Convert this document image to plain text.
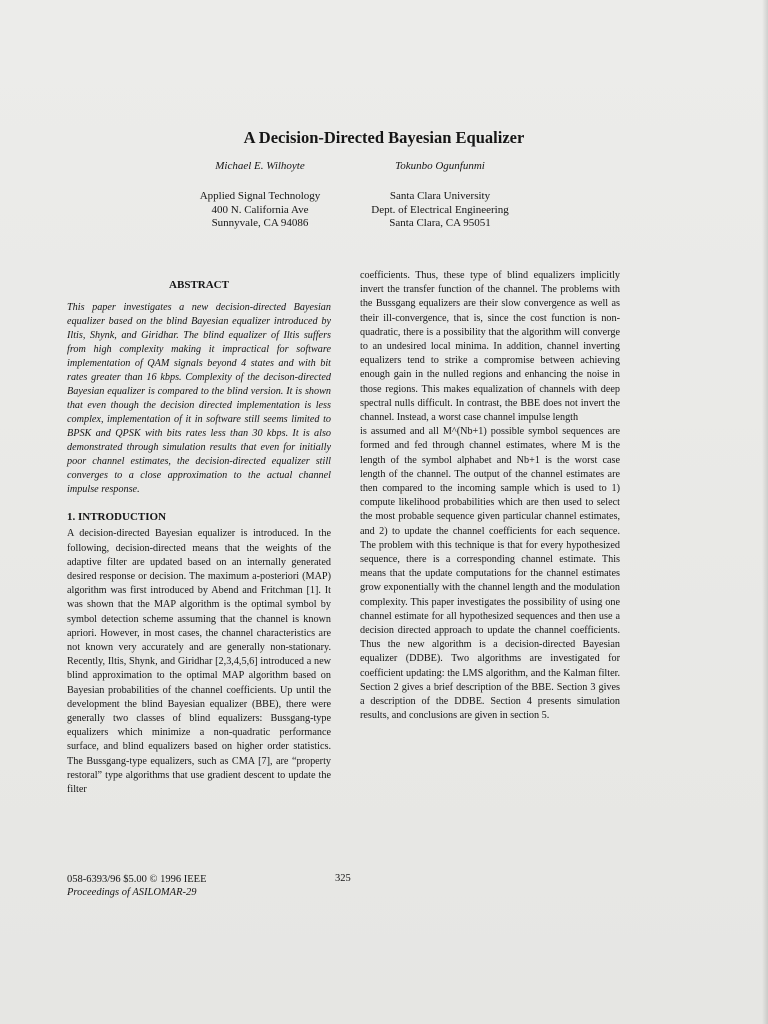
A Decision-Directed Bayesian Equalizer
Michael E. Wilhoyte	Tokunbo Ogunfunmi
Applied Signal Technology
400 N. California Ave
Sunnyvale, CA 94086
Santa Clara University
Dept. of Electrical Engineering
Santa Clara, CA 95051
ABSTRACT

This paper investigates a new decision-directed Bayesian equalizer based on the blind Bayesian equalizer introduced by Iltis, Shynk, and Giridhar. The blind equalizer of Iltis suffers from high complexity making it impractical for software implementation of QAM signals beyond 4 states and with bit rates greater than 16 kbps. Complexity of the decison-directed Bayesian equalizer is compared to the blind version. It is shown that even though the decision directed implementation is less complex, implementation of it in software still seems limited to BPSK and QPSK with bits rates less than 30 kbps. It is also demonstrated through simulation results that even for initially poor channel estimates, the decision-directed equalizer still converges to a close approximation to the actual channel impulse response.

1. INTRODUCTION

A decision-directed Bayesian equalizer is introduced. In the following, decision-directed means that the weights of the adaptive filter are updated based on an internally generated desired response or decision. The maximum a-posteriori (MAP) algorithm was first introduced by Abend and Fritchman [1]. It was shown that the MAP algorithm is the optimal symbol by symbol detection scheme assuming that the channel is known apriori. However, in most cases, the channel characteristics are not known very accurately and are generally non-stationary. Recently, Iltis, Shynk, and Giridhar [2,3,4,5,6] introduced a new blind approximation to the optimal MAP algorithm based on Bayesian probabilities of the channel coefficients. Up until the development the blind Bayesian equalizer (BBE), there were generally two classes of blind equalizers: Bussgang-type equalizers which minimize a non-quadratic performance surface, and blind equalizers based on higher order statistics. The Bussgang-type equalizers, such as CMA [7], are “property restoral” type algorithms that use gradient descent to update the filter

coefficients. Thus, these type of blind equalizers implicitly invert the transfer function of the channel. The problems with the Bussgang equalizers are their slow convergence as well as their ill-convergence, that is, since the cost function is non-quadratic, there is a possibility that the algorithm will converge to an undesired local minima. In addition, channel inverting equalizers tend to strike a compromise between achieving enough gain in the nulled regions and enhancing the noise in those regions. This makes equalization of channels with deep spectral nulls difficult. In contrast, the BBE does not invert the channel. Instead, a worst case channel impulse length

is assumed and all M^(Nb+1) possible symbol sequences are formed and fed through channel estimates, where M is the length of the symbol alphabet and Nb+1 is the worst case length of the channel. The output of the channel estimates are then compared to the incoming sample which is used to 1) compute likelihood probabilities which are then used to select the most probable sequence given particular channel estimates, and 2) to update the channel coefficients for each sequence. The problem with this technique is that for every hypothesized sequence, there is a corresponding channel estimate. This means that the update computations for the channel estimates grow exponentially with the channel length and the modulation complexity. This paper investigates the possibility of using one channel estimate for all hypothesized sequences and then use a decision directed approach to update the channel coefficients. Thus the new algorithm is a decision-directed Bayesian equalizer (DDBE). Two algorithms are investigated for coefficient updating: the LMS algorithm, and the Kalman filter. Section 2 gives a brief description of the BBE. Section 3 gives a description of the DDBE. Section 4 presents simulation results, and conclusions are given in section 5.

058-6393/96 $5.00 © 1996 IEEE
Proceedings of ASILOMAR-29
325
